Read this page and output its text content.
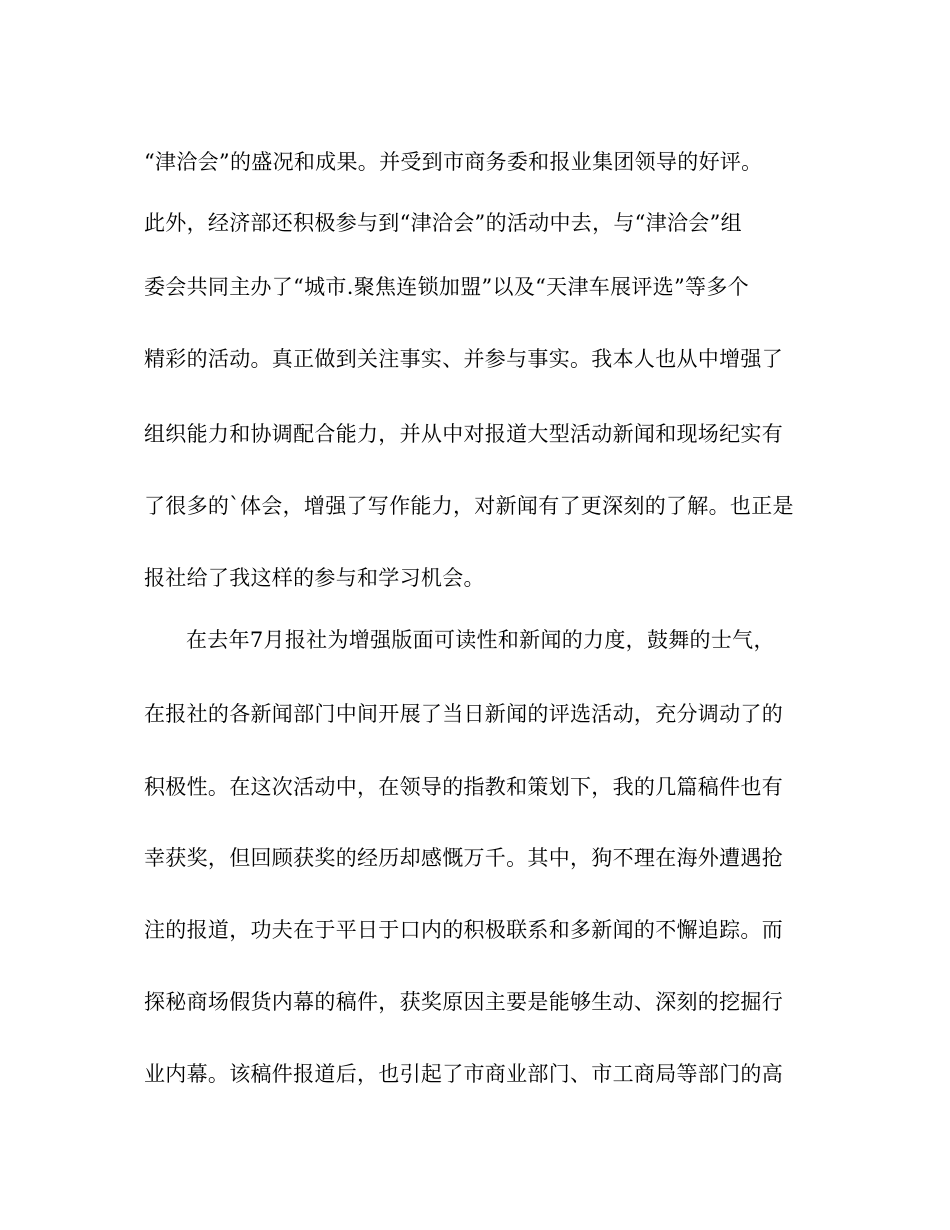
“津洽会”的盛况和成果。并受到市商务委和报业集团领导的好评。
此外，经济部还积极参与到“津洽会”的活动中去，与“津洽会”组
委会共同主办了“城市.聚焦连锁加盟”以及“天津车展评选”等多个
精彩的活动。真正做到关注事实、并参与事实。我本人也从中增强了
组织能力和协调配合能力，并从中对报道大型活动新闻和现场纪实有
了很多的`体会，增强了写作能力，对新闻有了更深刻的了解。也正是
报社给了我这样的参与和学习机会。
在去年7月报社为增强版面可读性和新闻的力度，鼓舞的士气，
在报社的各新闻部门中间开展了当日新闻的评选活动，充分调动了的
积极性。在这次活动中，在领导的指教和策划下，我的几篇稿件也有
幸获奖，但回顾获奖的经历却感慨万千。其中，狗不理在海外遭遇抢
注的报道，功夫在于平日于口内的积极联系和多新闻的不懈追踪。而
探秘商场假货内幕的稿件，获奖原因主要是能够生动、深刻的挖掘行
业内幕。该稿件报道后，也引起了市商业部门、市工商局等部门的高
